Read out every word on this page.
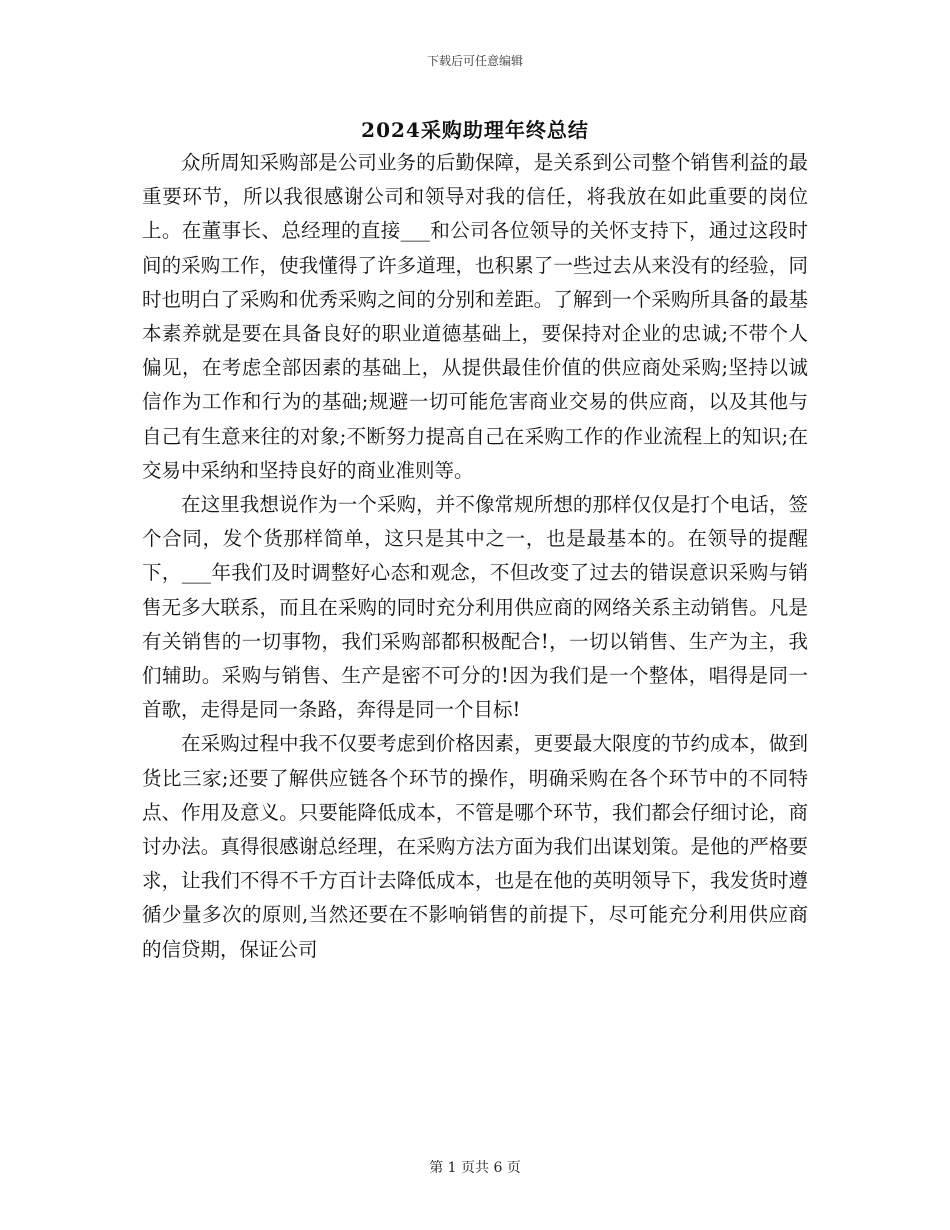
下载后可任意编辑
2024采购助理年终总结

众所周知采购部是公司业务的后勤保障，是关系到公司整个销售利益的最重要环节，所以我很感谢公司和领导对我的信任，将我放在如此重要的岗位上。在董事长、总经理的直接___和公司各位领导的关怀支持下，通过这段时间的采购工作，使我懂得了许多道理，也积累了一些过去从来没有的经验，同时也明白了采购和优秀采购之间的分别和差距。了解到一个采购所具备的最基本素养就是要在具备良好的职业道德基础上，要保持对企业的忠诚;不带个人偏见，在考虑全部因素的基础上，从提供最佳价值的供应商处采购;坚持以诚信作为工作和行为的基础;规避一切可能危害商业交易的供应商，以及其他与自己有生意来往的对象;不断努力提高自己在采购工作的作业流程上的知识;在交易中采纳和坚持良好的商业准则等。

在这里我想说作为一个采购，并不像常规所想的那样仅仅是打个电话，签个合同，发个货那样简单，这只是其中之一，也是最基本的。在领导的提醒下，___年我们及时调整好心态和观念，不但改变了过去的错误意识采购与销售无多大联系，而且在采购的同时充分利用供应商的网络关系主动销售。凡是有关销售的一切事物，我们采购部都积极配合!，一切以销售、生产为主，我们辅助。采购与销售、生产是密不可分的!因为我们是一个整体，唱得是同一首歌，走得是同一条路，奔得是同一个目标!

在采购过程中我不仅要考虑到价格因素，更要最大限度的节约成本，做到货比三家;还要了解供应链各个环节的操作，明确采购在各个环节中的不同特点、作用及意义。只要能降低成本，不管是哪个环节，我们都会仔细讨论，商讨办法。真得很感谢总经理，在采购方法方面为我们出谋划策。是他的严格要求，让我们不得不千方百计去降低成本，也是在他的英明领导下，我发货时遵循少量多次的原则,当然还要在不影响销售的前提下，尽可能充分利用供应商的信贷期，保证公司

第 1 页共 6 页
